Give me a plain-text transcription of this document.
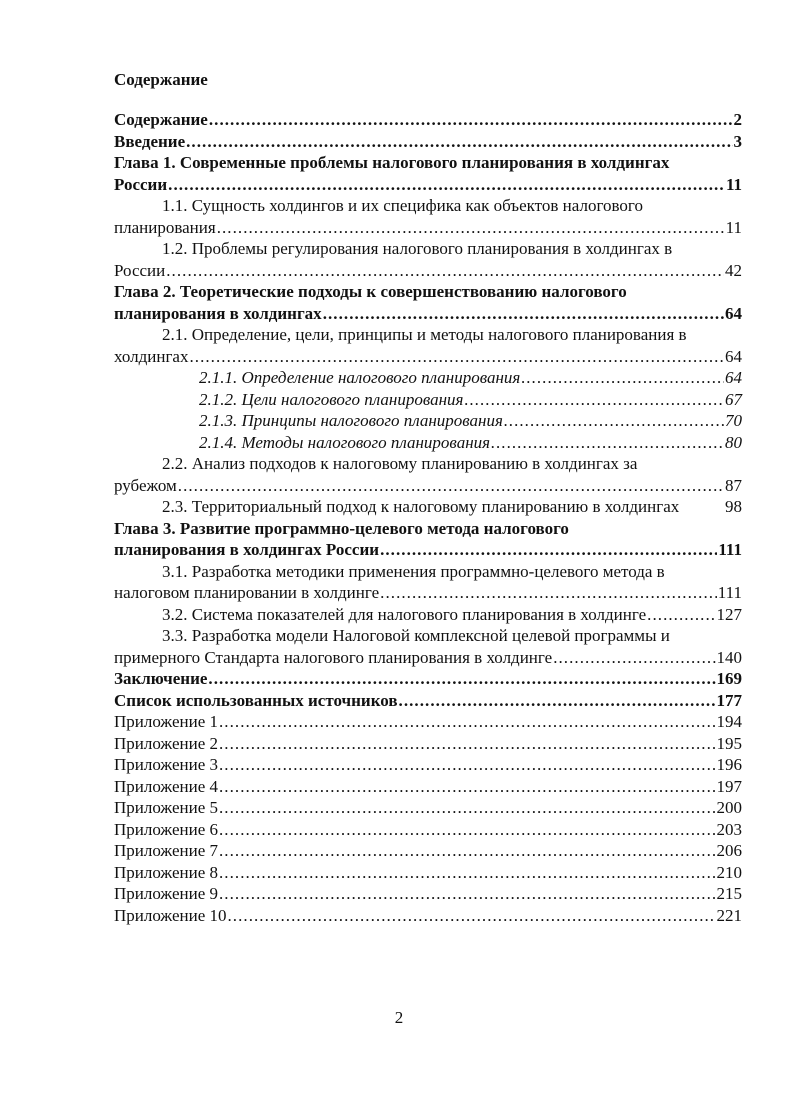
Содержание
Содержание . . .	2
Введение . . .	3
Глава 1. Современные проблемы налогового планирования в холдингах
России . . .	11
1.1. Сущность холдингов и их специфика как объектов налогового
планирования . . .	11
1.2. Проблемы регулирования налогового планирования в холдингах в
России . . .	42
Глава 2. Теоретические подходы к совершенствованию налогового
планирования в холдингах . . .	64
2.1. Определение, цели, принципы и методы налогового планирования в
холдингах . . .	64
2.1.1. Определение налогового планирования . . .	64
2.1.2. Цели налогового планирования . . .	67
2.1.3. Принципы налогового планирования . . .	70
2.1.4. Методы налогового планирования . . .	80
2.2. Анализ подходов к налоговому планированию в холдингах за
рубежом . . .	87
2.3. Территориальный подход к налоговому планированию в холдингах	98
Глава 3. Развитие программно-целевого метода налогового
планирования в холдингах России . . .	111
3.1. Разработка методики применения программно-целевого метода в
налоговом планировании в холдинге . . .	111
3.2. Система показателей для налогового планирования в холдинге . . .	127
3.3. Разработка модели Налоговой комплексной целевой программы и
примерного Стандарта налогового планирования в холдинге . . .	140
Заключение . . .	169
Список использованных источников . . .	177
Приложение 1 . . .	194
Приложение 2 . . .	195
Приложение 3 . . .	196
Приложение 4 . . .	197
Приложение 5 . . .	200
Приложение 6 . . .	203
Приложение 7 . . .	206
Приложение 8 . . .	210
Приложение 9 . . .	215
Приложение 10 . . .	221
2
